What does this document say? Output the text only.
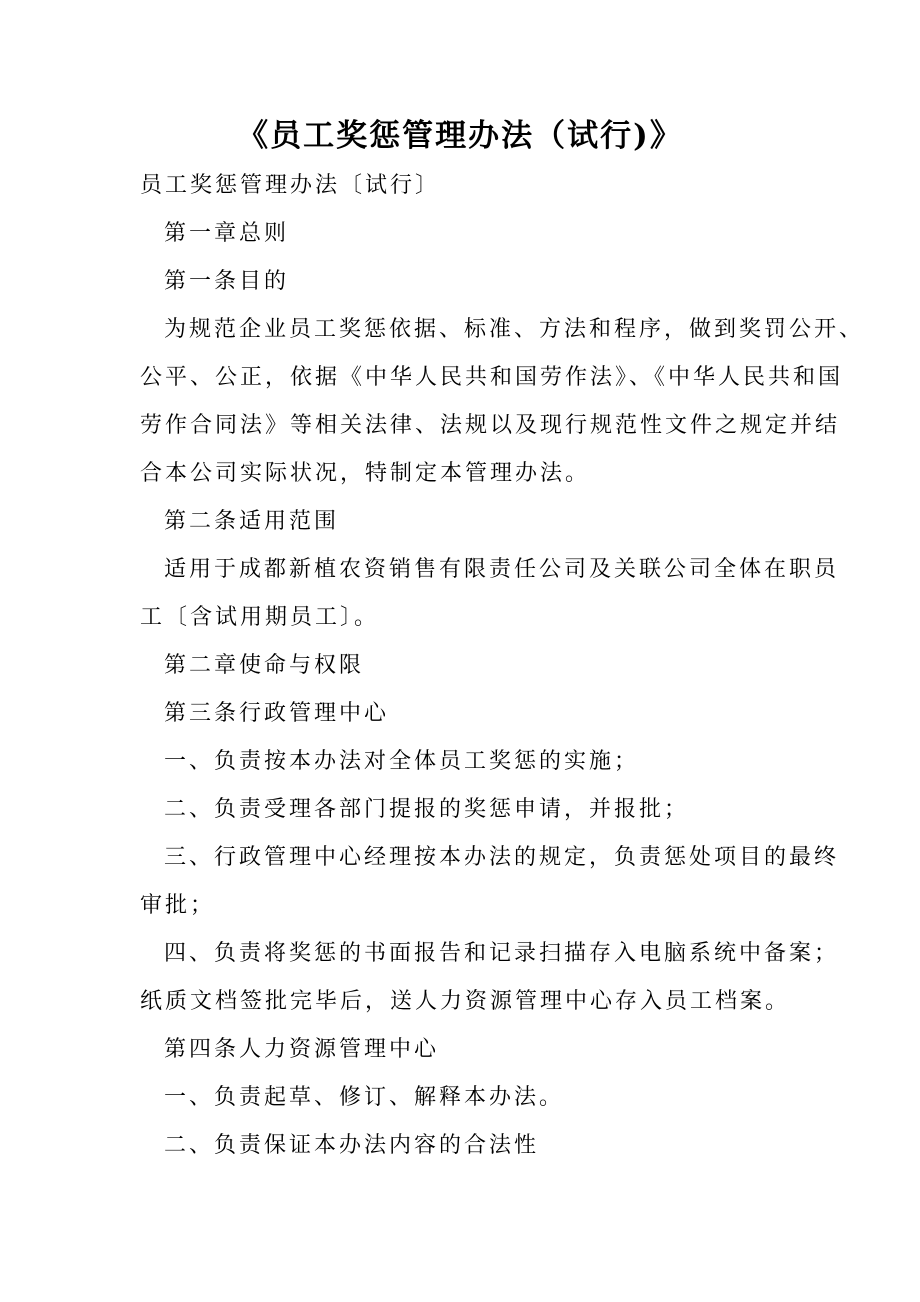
《员工奖惩管理办法（试行)》
员工奖惩管理办法〔试行〕
第一章总则
第一条目的
为规范企业员工奖惩依据、标准、方法和程序，做到奖罚公开、
公平、公正，依据《中华人民共和国劳作法》、《中华人民共和国
劳作合同法》等相关法律、法规以及现行规范性文件之规定并结
合本公司实际状况，特制定本管理办法。
第二条适用范围
适用于成都新植农资销售有限责任公司及关联公司全体在职员
工〔含试用期员工〕。
第二章使命与权限
第三条行政管理中心
一、负责按本办法对全体员工奖惩的实施；
二、负责受理各部门提报的奖惩申请，并报批；
三、行政管理中心经理按本办法的规定，负责惩处项目的最终
审批；
四、负责将奖惩的书面报告和记录扫描存入电脑系统中备案；
纸质文档签批完毕后，送人力资源管理中心存入员工档案。
第四条人力资源管理中心
一、负责起草、修订、解释本办法。
二、负责保证本办法内容的合法性
